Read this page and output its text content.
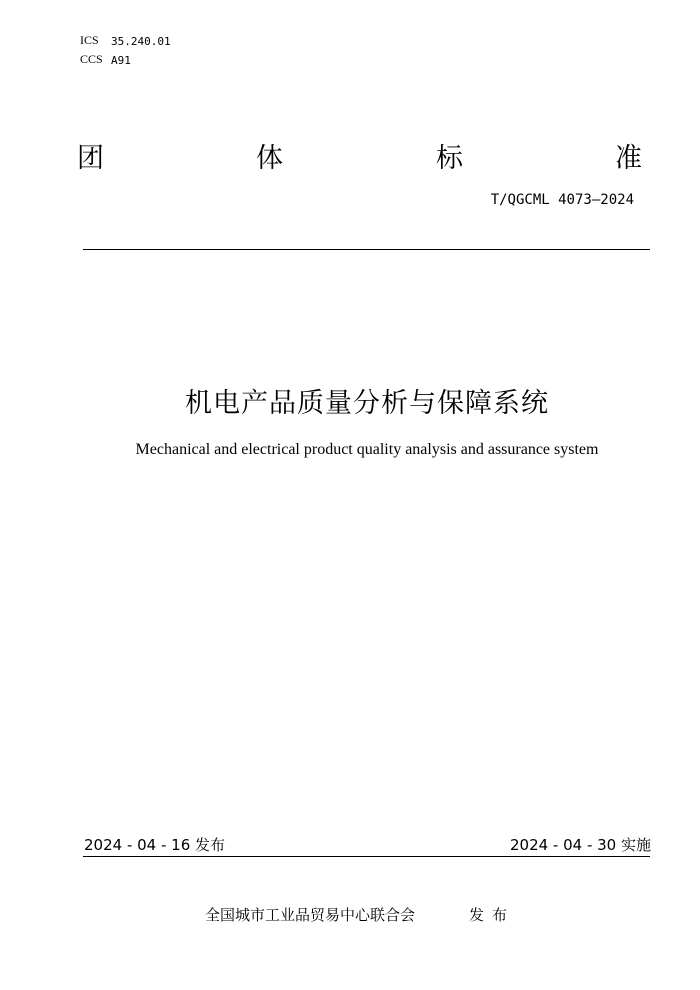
ICS 35.240.01
CCS A91
团	体	标	准
T/QGCML 4073—2024
机电产品质量分析与保障系统
Mechanical and electrical product quality analysis and assurance system
2024 - 04 - 16 发布	2024 - 04 - 30 实施
全国城市工业品贸易中心联合会	发布
